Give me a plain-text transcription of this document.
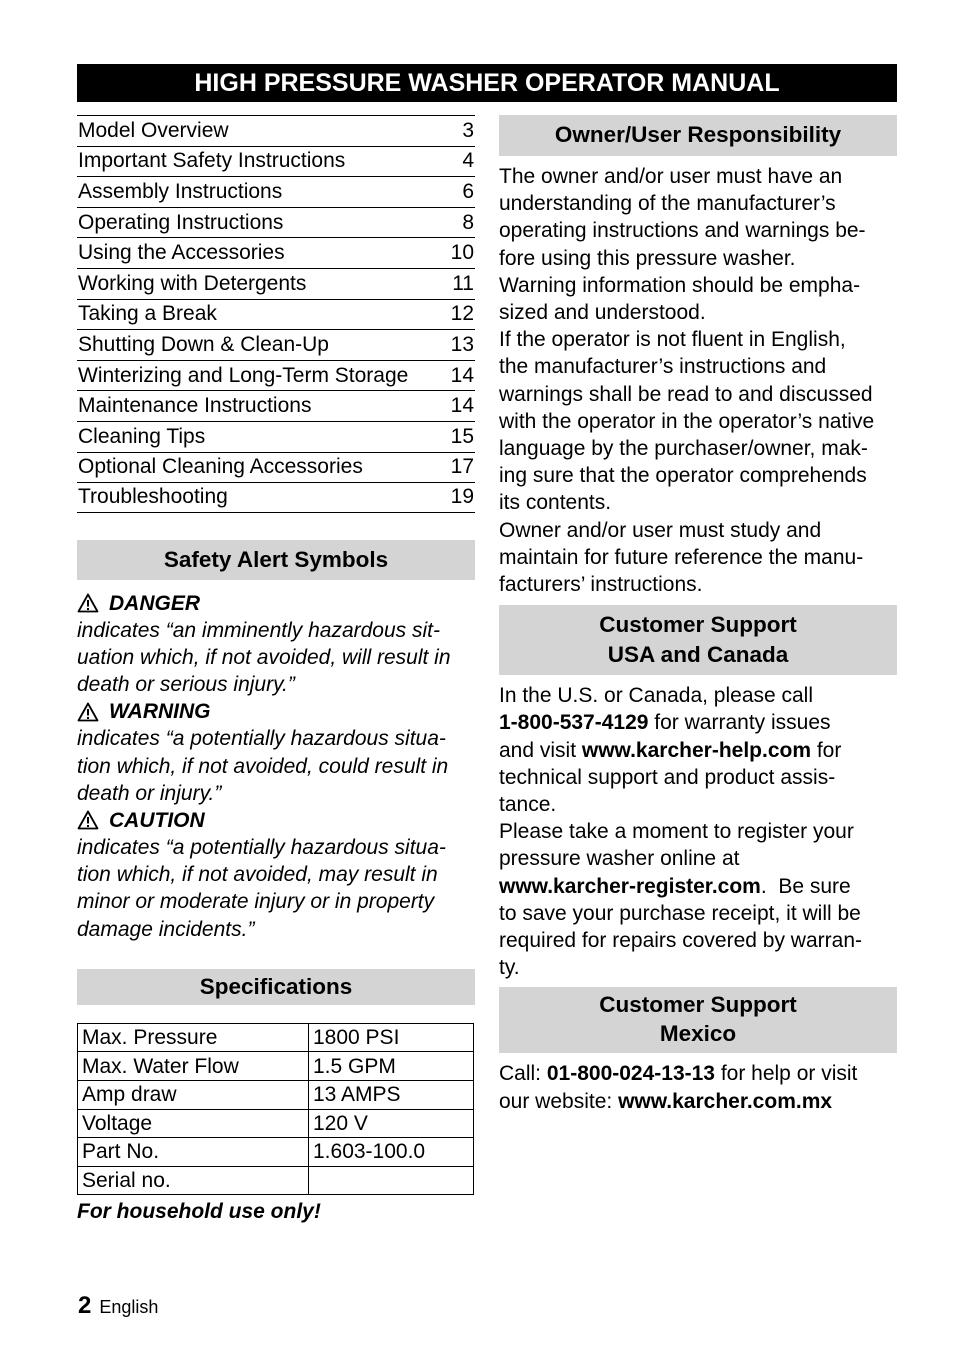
HIGH PRESSURE WASHER OPERATOR MANUAL
Model Overview	3
Important Safety Instructions	4
Assembly Instructions	6
Operating Instructions	8
Using the Accessories	10
Working with Detergents	11
Taking a Break	12
Shutting Down & Clean-Up	13
Winterizing and Long-Term Storage 14
Maintenance Instructions	14
Cleaning Tips	15
Optional Cleaning Accessories	17
Troubleshooting	19
Safety Alert Symbols
DANGER

indicates “an imminently hazardous sit-

uation which, if not avoided, will result in

death or serious injury.”

WARNING

indicates “a potentially hazardous situa-

tion which, if not avoided, could result in

death or injury.”

CAUTION

indicates “a potentially hazardous situa-

tion which, if not avoided, may result in

minor or moderate injury or in property

damage incidents.”

Specifications
Max. Pressure	1800 PSI
Max. Water Flow	1.5 GPM
Amp draw	13 AMPS
Voltage	120 V
Part No.	1.603-100.0
Serial no.	
For household use only!
Owner/User Responsibility

The owner and/or user must have an

understanding of the manufacturer’s

operating instructions and warnings be-

fore using this pressure washer.

Warning information should be empha-

sized and understood.

If the operator is not fluent in English,

the manufacturer’s instructions and

warnings shall be read to and discussed

with the operator in the operator’s native

language by the purchaser/owner, mak-

ing sure that the operator comprehends

its contents.

Owner and/or user must study and

maintain for future reference the manu-

facturers’ instructions.

Customer Support
USA and Canada

In the U.S. or Canada, please call

1-800-537-4129 for warranty issues

and visit www.karcher-help.com for

technical support and product assis-

tance.

Please take a moment to register your

pressure washer online at

www.karcher-register.com.  Be sure

to save your purchase receipt, it will be

required for repairs covered by warran-

ty.

Customer Support
Mexico

Call: 01-800-024-13-13 for help or visit

our website: www.karcher.com.mx

2 English
